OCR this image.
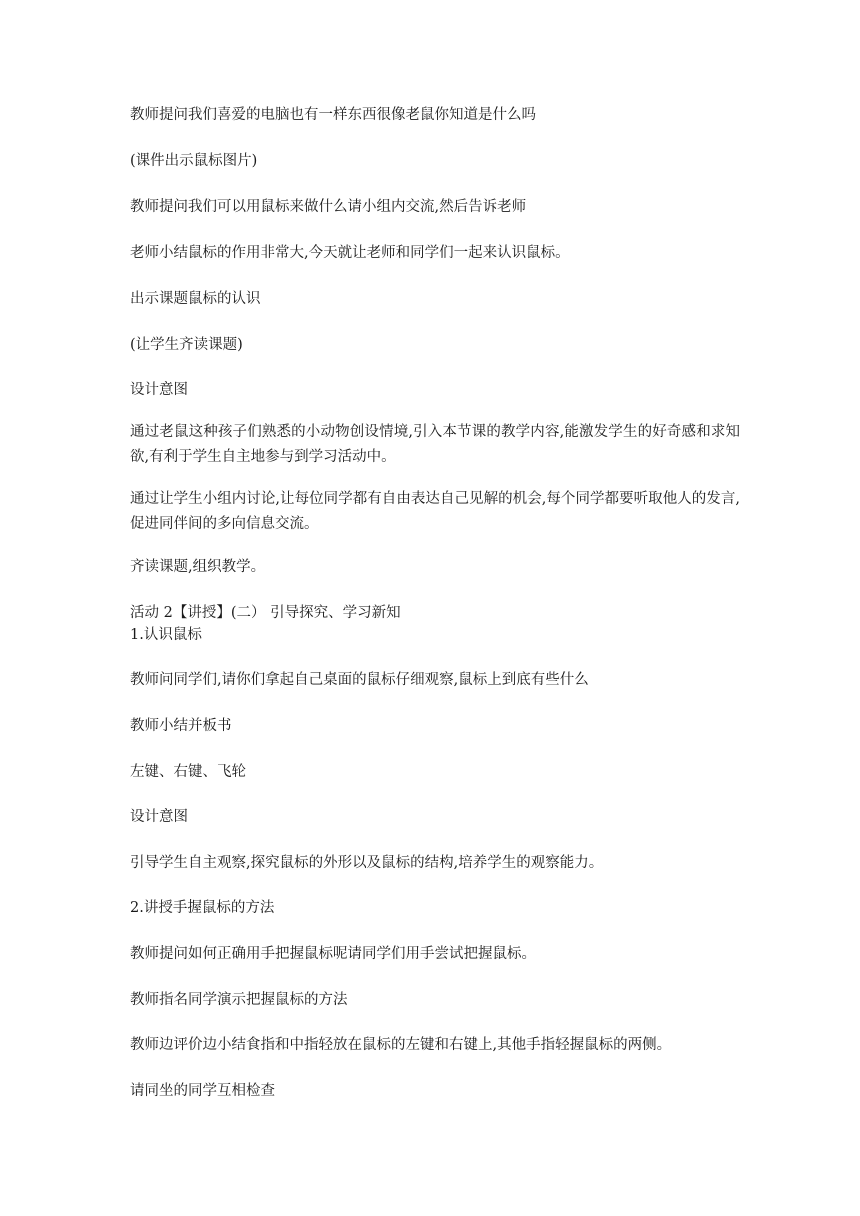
教师提问我们喜爱的电脑也有一样东西很像老鼠你知道是什么吗
(课件出示鼠标图片)
教师提问我们可以用鼠标来做什么请小组内交流,然后告诉老师
老师小结鼠标的作用非常大,今天就让老师和同学们一起来认识鼠标。
出示课题鼠标的认识
(让学生齐读课题)
设计意图
通过老鼠这种孩子们熟悉的小动物创设情境,引入本节课的教学内容,能激发学生的好奇感和求知欲,有利于学生自主地参与到学习活动中。
通过让学生小组内讨论,让每位同学都有自由表达自己见解的机会,每个同学都要听取他人的发言,促进同伴间的多向信息交流。
齐读课题,组织教学。
活动 2【讲授】(二） 引导探究、学习新知
1.认识鼠标
教师问同学们,请你们拿起自己桌面的鼠标仔细观察,鼠标上到底有些什么
教师小结并板书
左键、右键、飞轮
设计意图
引导学生自主观察,探究鼠标的外形以及鼠标的结构,培养学生的观察能力。
2.讲授手握鼠标的方法
教师提问如何正确用手把握鼠标呢请同学们用手尝试把握鼠标。
教师指名同学演示把握鼠标的方法
教师边评价边小结食指和中指轻放在鼠标的左键和右键上,其他手指轻握鼠标的两侧。
请同坐的同学互相检查
